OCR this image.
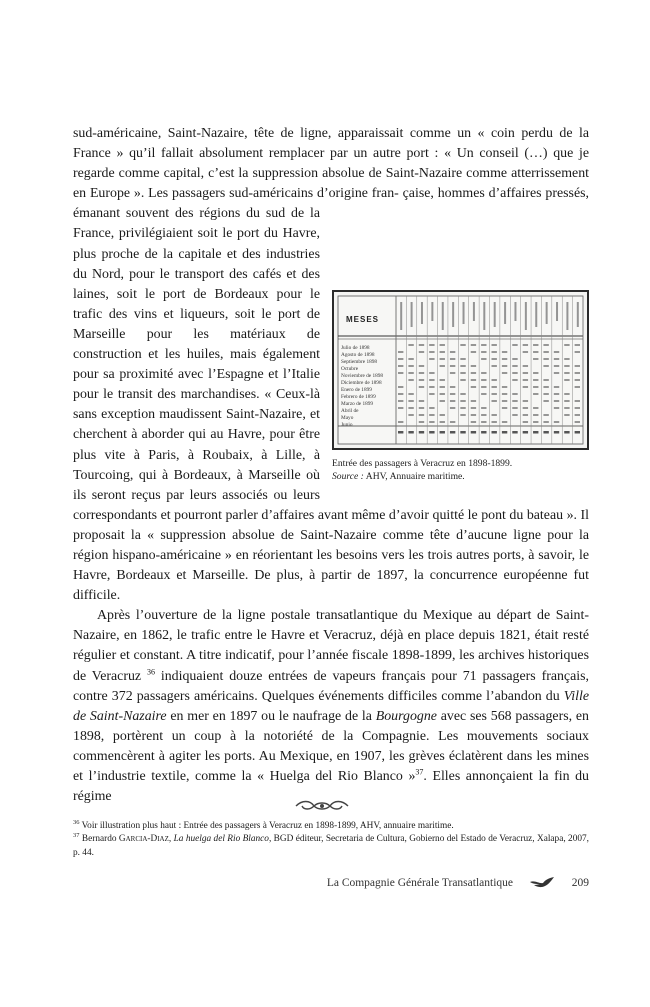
sud-américaine, Saint-Nazaire, tête de ligne, apparaissait comme un « coin perdu de la France » qu’il fallait absolument remplacer par un autre port : « Un conseil (…) que je regarde comme capital, c’est la suppression absolue de Saint-Nazaire comme atterrissement en Europe ». Les passagers sud-américains d’origine fran-
MESES
Julio de 1898
Agosto de 1898
Septiembre 1898
Octubre
Noviembre de 1898
Diciembre de 1898
Enero de 1899
Febrero de 1899
Marzo de 1899
Abril de
Mayo
Junio
Entrée des passagers à Veracruz en 1898-1899.
Source : AHV, Annuaire maritime.
çaise, hommes d’affaires pressés, émanant souvent des régions du sud de la France, privilégiaient soit le port du Havre, plus proche de la capitale et des industries du Nord, pour le transport des cafés et des laines, soit le port de Bordeaux pour le trafic des vins et liqueurs, soit le port de Marseille pour les matériaux de construction et les huiles, mais également pour sa proximité avec l’Espagne et l’Italie pour le transit des marchandises. « Ceux-là sans exception maudissent Saint-Nazaire, et cherchent à aborder qui au Havre, pour être plus vite à Paris, à Roubaix, à Lille, à Tourcoing, qui à Bordeaux, à Marseille où ils seront reçus par leurs associés ou leurs correspondants et pourront parler d’affaires avant même d’avoir quitté le pont du bateau ». Il proposait la « suppression absolue de Saint-Nazaire comme tête d’aucune ligne pour la région hispano-américaine » en réorientant les besoins vers les trois autres ports, à savoir, le Havre, Bordeaux et Marseille. De plus, à partir de 1897, la concurrence européenne fut difficile.

Après l’ouverture de la ligne postale transatlantique du Mexique au départ de Saint-Nazaire, en 1862, le trafic entre le Havre et Veracruz, déjà en place depuis 1821, était resté régulier et constant. A titre indicatif, pour l’année fiscale 1898-1899, les archives historiques de Veracruz $^{36}$ indiquaient douze entrées de vapeurs français pour 71 passagers français, contre 372 passagers américains. Quelques événements difficiles comme l’abandon du Ville de Saint-Nazaire en mer en 1897 ou le naufrage de la Bourgogne avec ses 568 passagers, en 1898, portèrent un coup à la notoriété de la Compagnie. Les mouvements sociaux commencèrent à agiter les ports. Au Mexique, en 1907, les grèves éclatèrent dans les mines et l’industrie textile, comme la « Huelga del Rio Blanco »$^{37}$. Elles annonçaient la fin du régime

$^{36}$ Voir illustration plus haut : Entrée des passagers à Veracruz en 1898-1899, AHV, annuaire maritime.

$^{37}$ Bernardo Garcia-Diaz, La huelga del Rio Blanco, BGD éditeur, Secretaria de Cultura, Gobierno del Estado de Veracruz, Xalapa, 2007, p. 44.

La Compagnie Générale Transatlantique	209
